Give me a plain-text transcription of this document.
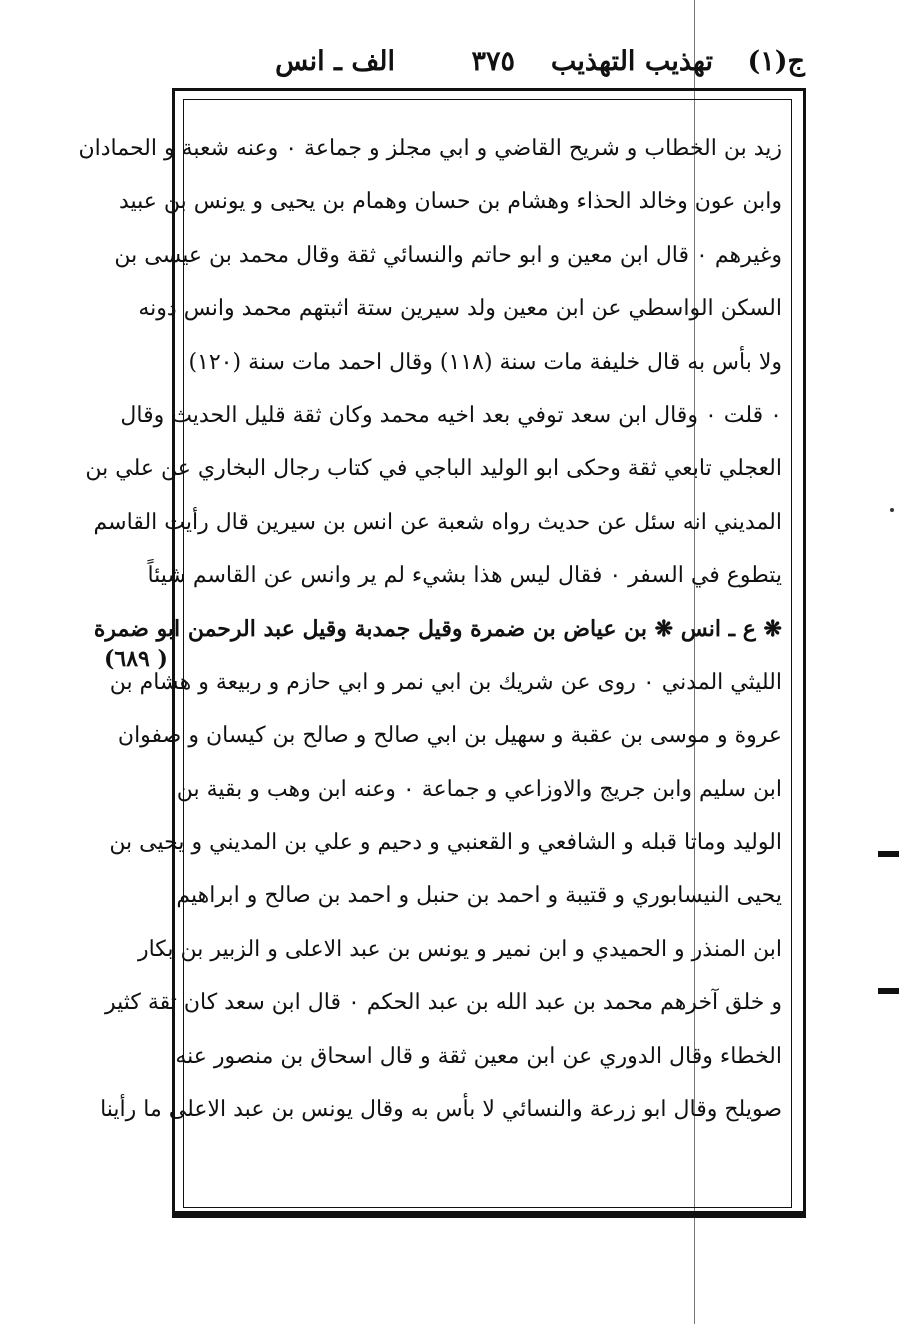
ج(١)
تهذيب التهذيب
٣٧٥
الف ـ انس
زيد بن الخطاب و شريح القاضي و ابي مجلز و جماعة ٠ وعنه شعبة و الحمادان
وابن عون وخالد الحذاء وهشام بن حسان وهمام بن يحيى و يونس بن عبيد
وغيرهم ٠ قال ابن معين و ابو حاتم والنسائي ثقة وقال محمد بن عيسى بن
السكن الواسطي عن ابن معين ولد سيرين ستة اثبتهم محمد وانس دونه
ولا بأس به قال خليفة مات سنة (١١٨) وقال احمد مات سنة (١٢٠)
٠ قلت ٠ وقال ابن سعد توفي بعد اخيه محمد وكان ثقة قليل الحديث وقال
العجلي تابعي ثقة وحكى ابو الوليد الباجي في كتاب رجال البخاري عن علي بن
المديني انه سئل عن حديث رواه شعبة عن انس بن سيرين قال رأيت القاسم
يتطوع في السفر ٠ فقال ليس هذا بشيء لم ير وانس عن القاسم شيئاً
❋ ع ـ انس ❋ بن عياض بن ضمرة وقيل جمدبة وقيل عبد الرحمن ابو ضمرة
الليثي المدني ٠ روى عن شريك بن ابي نمر و ابي حازم و ربيعة و هشام بن
عروة و موسى بن عقبة و سهيل بن ابي صالح و صالح بن كيسان و صفوان
ابن سليم وابن جريج والاوزاعي و جماعة ٠ وعنه ابن وهب و بقية بن
الوليد وماتا قبله و الشافعي و القعنبي و دحيم و علي بن المديني و يحيى بن
يحيى النيسابوري و قتيبة و احمد بن حنبل و احمد بن صالح و ابراهيم
ابن المنذر و الحميدي و ابن نمير و يونس بن عبد الاعلى و الزبير بن بكار
و خلق آخرهم محمد بن عبد الله بن عبد الحكم ٠ قال ابن سعد كان ثقة كثير
الخطاء وقال الدوري عن ابن معين ثقة و قال اسحاق بن منصور عنه
صويلح وقال ابو زرعة والنسائي لا بأس به وقال يونس بن عبد الاعلى ما رأينا
( ٦٨٩)
